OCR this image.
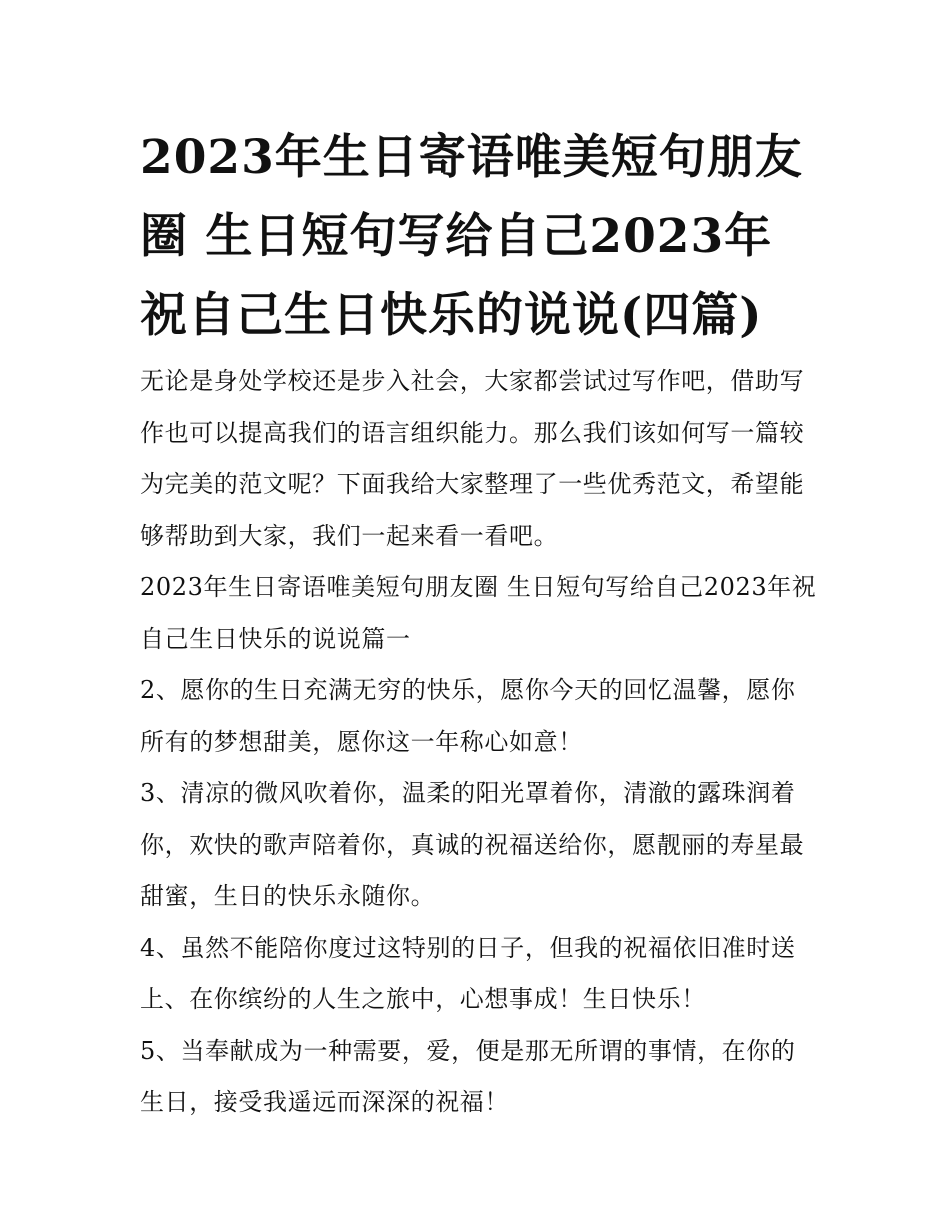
2023年生日寄语唯美短句朋友
圈 生日短句写给自己2023年
祝自己生日快乐的说说(四篇)
无论是身处学校还是步入社会，大家都尝试过写作吧，借助写
作也可以提高我们的语言组织能力。那么我们该如何写一篇较
为完美的范文呢？下面我给大家整理了一些优秀范文，希望能
够帮助到大家，我们一起来看一看吧。
2023年生日寄语唯美短句朋友圈 生日短句写给自己2023年祝
自己生日快乐的说说篇一
2、愿你的生日充满无穷的快乐，愿你今天的回忆温馨，愿你
所有的梦想甜美，愿你这一年称心如意！
3、清凉的微风吹着你，温柔的阳光罩着你，清澈的露珠润着
你，欢快的歌声陪着你，真诚的祝福送给你，愿靓丽的寿星最
甜蜜，生日的快乐永随你。
4、虽然不能陪你度过这特别的日子，但我的祝福依旧准时送
上、在你缤纷的人生之旅中，心想事成！生日快乐！
5、当奉献成为一种需要，爱，便是那无所谓的事情，在你的
生日，接受我遥远而深深的祝福！
